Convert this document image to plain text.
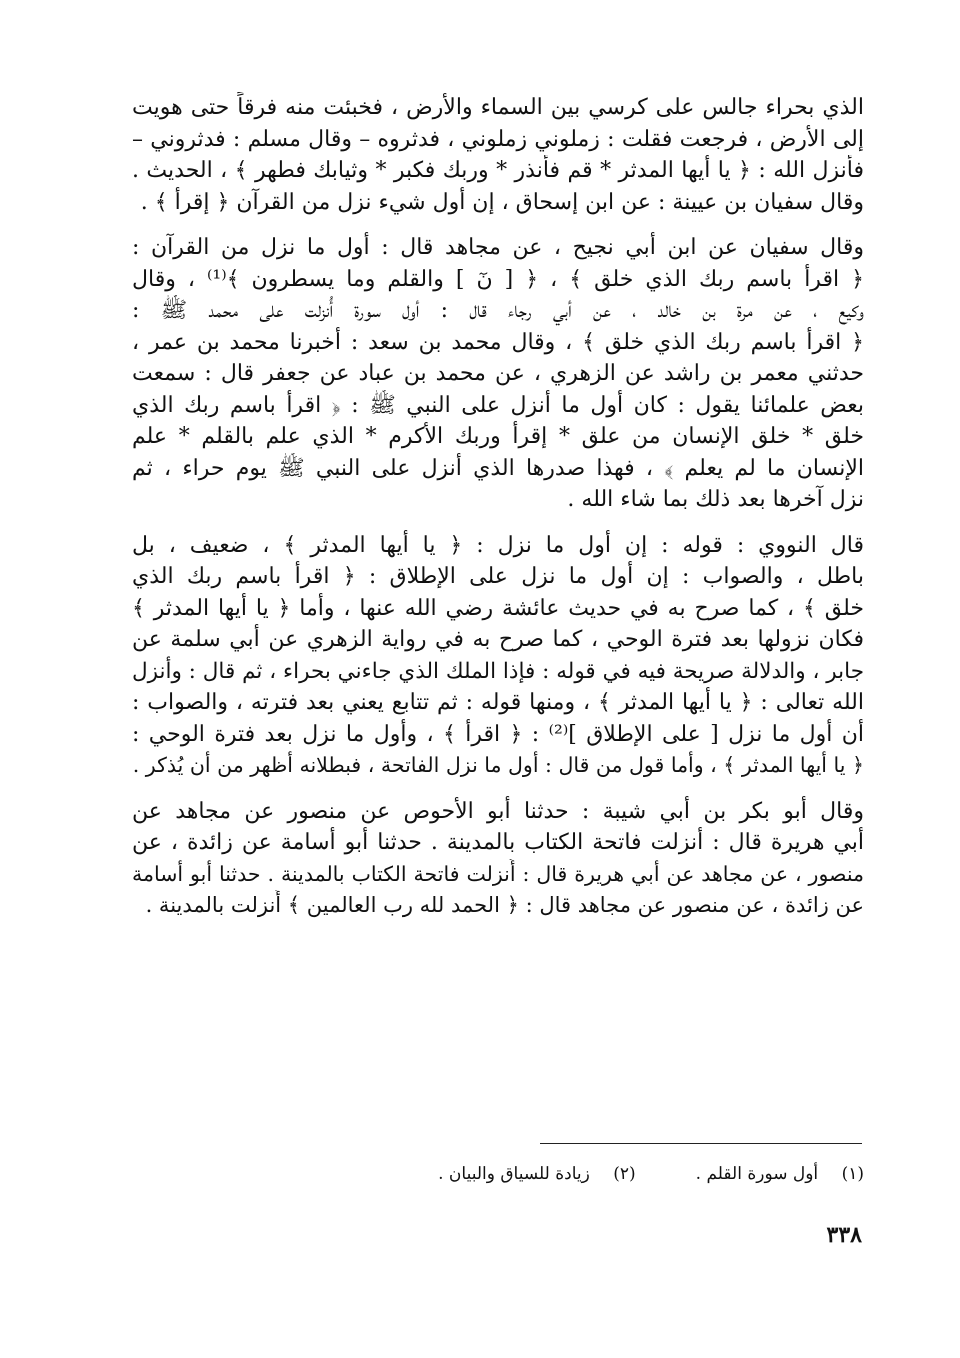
الذي بحراء جالس على كرسي بين السماء والأرض ، فخبئت منه فرقاً حتى هويت
إلى الأرض ، فرجعت فقلت : زملوني زملوني ، فدثروه – وقال مسلم : فدثروني –
فأنزل الله : ﴿ يا أيها المدثر * قم فأنذر * وربك فكبر * وثيابك فطهر ﴾ ، الحديث .
وقال سفيان بن عيينة : عن ابن إسحاق ، إن أول شيء نزل من القرآن ﴿ إقرأ ﴾ .

وقال سفيان عن ابن أبي نجيح ، عن مجاهد قال : أول ما نزل من القرآن :
﴿ اقرأ باسم ربك الذي خلق ﴾ ، ﴿ [ نٓ ] والقلم وما يسطرون ﴾⁽¹⁾ ، وقال
وكيع ، عن مرة بن خالد ، عن أبي رجاء قال : أول سورة أُنزلت على محمد ﷺ :
﴿ اقرأ باسم ربك الذي خلق ﴾ ، وقال محمد بن سعد : أخبرنا محمد بن عمر ،
حدثني معمر بن راشد عن الزهري ، عن محمد بن عباد عن جعفر قال : سمعت
بعض علمائنا يقول : كان أول ما أنزل على النبي ﷺ : ﴿ اقرأ باسم ربك الذي
خلق * خلق الإنسان من علق * إقرأ وربك الأكرم * الذي علم بالقلم * علم
الإنسان ما لم يعلم ﴾ ، فهذا صدرها الذي أُنزل على النبي ﷺ يوم حراء ، ثم
نزل آخرها بعد ذلك بما شاء الله .

قال النووي : قوله : إن أول ما نزل : ﴿ يا أيها المدثر ﴾ ، ضعيف ، بل
باطل ، والصواب : إن أول ما نزل على الإطلاق : ﴿ اقرأ باسم ربك الذي
خلق ﴾ ، كما صرح به في حديث عائشة رضي الله عنها ، وأما ﴿ يا أيها المدثر ﴾
فكان نزولها بعد فترة الوحي ، كما صرح به في رواية الزهري عن أبي سلمة عن
جابر ، والدلالة صريحة فيه في قوله : فإذا الملك الذي جاءني بحراء ، ثم قال : وأنزل
الله تعالى : ﴿ يا أيها المدثر ﴾ ، ومنها قوله : ثم تتابع يعني بعد فترته ، والصواب :
أن أول ما نزل [ على الإطلاق ]⁽²⁾ : ﴿ اقرأ ﴾ ، وأول ما نزل بعد فترة الوحي :
﴿ يا أيها المدثر ﴾ ، وأما قول من قال : أول ما نزل الفاتحة ، فبطلانه أظهر من أن يُذكر .

وقال أبو بكر بن أبي شيبة : حدثنا أبو الأحوص عن منصور عن مجاهد عن
أبي هريرة قال : أُنزلت فاتحة الكتاب بالمدينة . حدثنا أبو أسامة عن زائدة ، عن
منصور ، عن مجاهد عن أبي هريرة قال : أُنزلت فاتحة الكتاب بالمدينة . حدثنا أبو أسامة
عن زائدة ، عن منصور عن مجاهد قال : ﴿ الحمد لله رب العالمين ﴾ أُنزلت بالمدينة .

(١) أول سورة القلم .
(٢) زيادة للسياق والبيان .
٣٣٨
